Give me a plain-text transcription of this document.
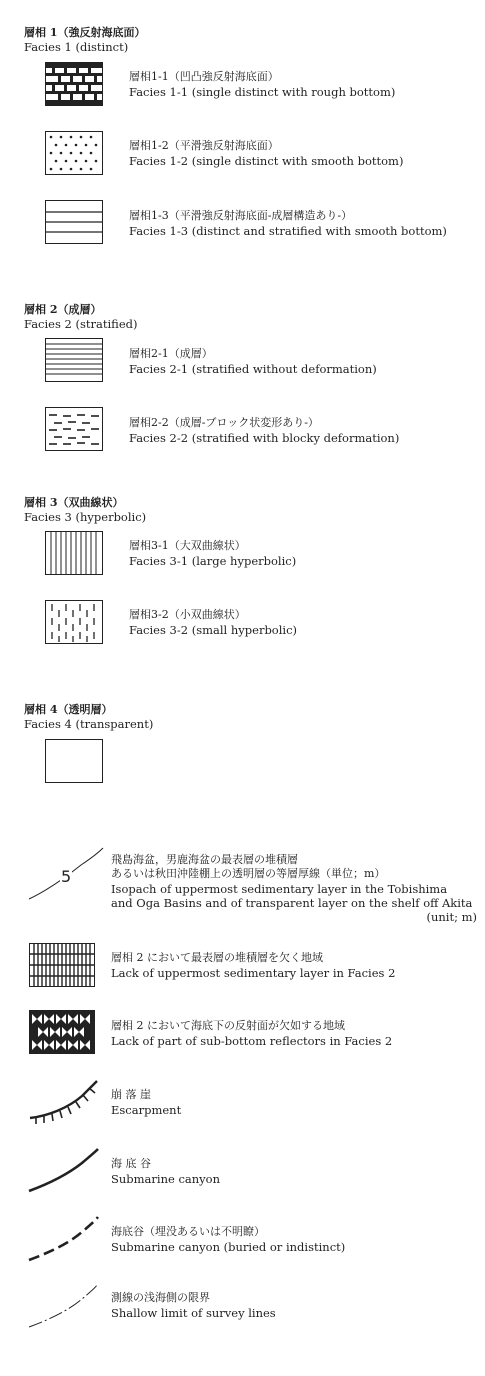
層相 1（強反射海底面）
Facies 1 (distinct)
層相1-1（凹凸強反射海底面）
Facies 1-1 (single distinct with rough bottom)
層相1-2（平滑強反射海底面）
Facies 1-2 (single distinct with smooth bottom)
層相1-3（平滑強反射海底面-成層構造あり-）
Facies 1-3 (distinct and stratified with smooth bottom)
層相 2（成層）
Facies 2 (stratified)
層相2-1（成層）
Facies 2-1 (stratified without deformation)
層相2-2（成層-ブロック状変形あり-）
Facies 2-2 (stratified with blocky deformation)
層相 3（双曲線状）
Facies 3 (hyperbolic)
層相3-1（大双曲線状）
Facies 3-1 (large hyperbolic)
層相3-2（小双曲線状）
Facies 3-2 (small hyperbolic)
層相 4（透明層）
Facies 4 (transparent)
5
飛島海盆，男鹿海盆の最表層の堆積層
あるいは秋田沖陸棚上の透明層の等層厚線（単位；m）
Isopach of uppermost sedimentary layer in the Tobishima
and Oga Basins and of transparent layer on the shelf off Akita
(unit; m)
層相 2 において最表層の堆積層を欠く地域
Lack of uppermost sedimentary layer in Facies 2
層相 2 において海底下の反射面が欠如する地域
Lack of part of sub-bottom reflectors in Facies 2
崩 落 崖
Escarpment
海 底 谷
Submarine canyon
海底谷（埋没あるいは不明瞭）
Submarine canyon (buried or indistinct)
測線の浅海側の限界
Shallow limit of survey lines
